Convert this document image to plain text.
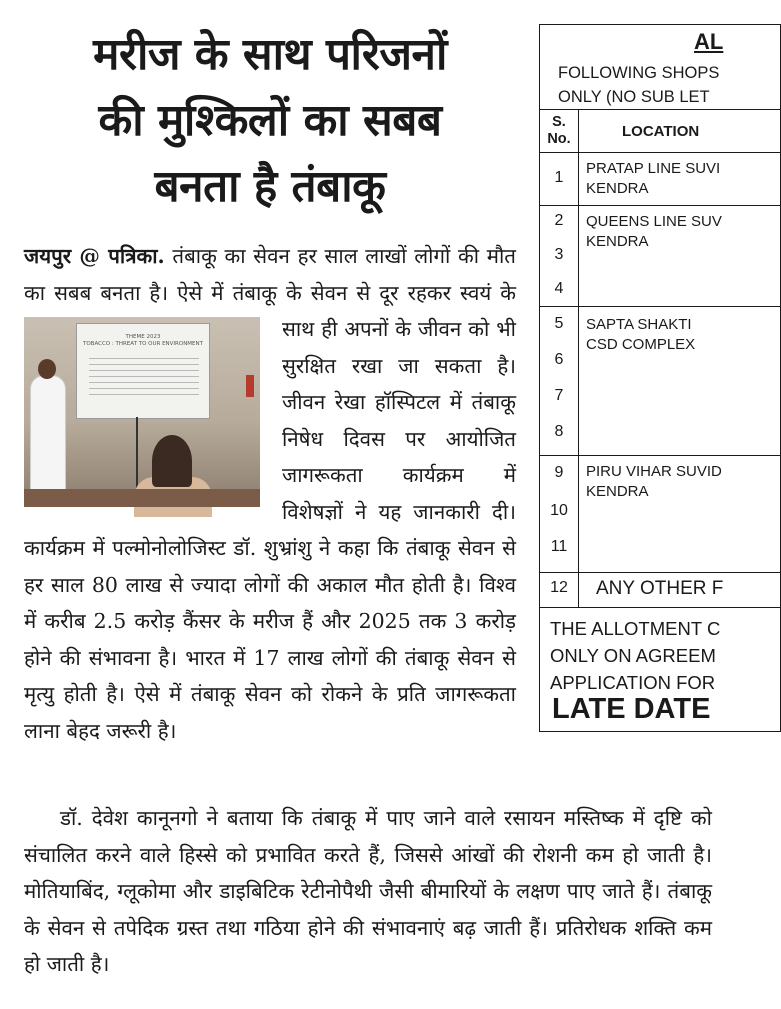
मरीज के साथ परिजनों
की मुश्किलों का सबब
बनता है तंबाकू
जयपुर @ पत्रिका. तंबाकू का सेवन हर साल लाखों लोगों की मौत का सबब बनता है। ऐसे में तंबाकू के सेवन से दूर रहकर स्वयं के साथ ही अपनों के जीवन
THEME 2023
TOBACCO : THREAT TO OUR ENVIRONMENT
को भी सुरक्षित रखा जा सकता है। जीवन रेखा हॉस्पिटल में तंबाकू निषेध दिवस पर आयोजित जागरूकता कार्यक्रम में विशेषज्ञों ने यह जानकारी दी। कार्यक्रम में पल्मोनोलोजिस्ट डॉ. शुभ्रांशु ने कहा कि तंबाकू सेवन से हर साल 80 लाख से ज्यादा लोगों की अकाल मौत होती है। विश्व में करीब 2.5 करोड़ कैंसर के मरीज हैं और 2025 तक 3 करोड़ होने की संभावना है। भारत में 17 लाख लोगों की तंबाकू सेवन से मृत्यु होती है। ऐसे में तंबाकू सेवन को रोकने के प्रति जागरूकता लाना बेहद जरूरी है।
डॉ. देवेश कानूनगो ने बताया कि तंबाकू में पाए जाने वाले रसायन मस्तिष्क में दृष्टि को संचालित करने वाले हिस्से को प्रभावित करते हैं, जिससे आंखों की रोशनी कम हो जाती है। मोतियाबिंद, ग्लूकोमा और डाइबिटिक रेटीनोपैथी जैसी बीमारियों के लक्षण पाए जाते हैं। तंबाकू के सेवन से तपेदिक ग्रस्त तथा गठिया होने की संभावनाएं बढ़ जाती हैं। प्रतिरोधक शक्ति कम हो जाती है।
AL
FOLLOWING SHOPS
ONLY (NO SUB LET
S. No.	LOCATION
1
PRATAP LINE SUVI
KENDRA
2
3
4
QUEENS LINE SUV
KENDRA
5
6
7
8
SAPTA SHAKTI
CSD COMPLEX
9
10
11
PIRU VIHAR SUVID
KENDRA
12	ANY OTHER F
THE ALLOTMENT C
ONLY ON AGREEM
APPLICATION FOR
LATE DATE
